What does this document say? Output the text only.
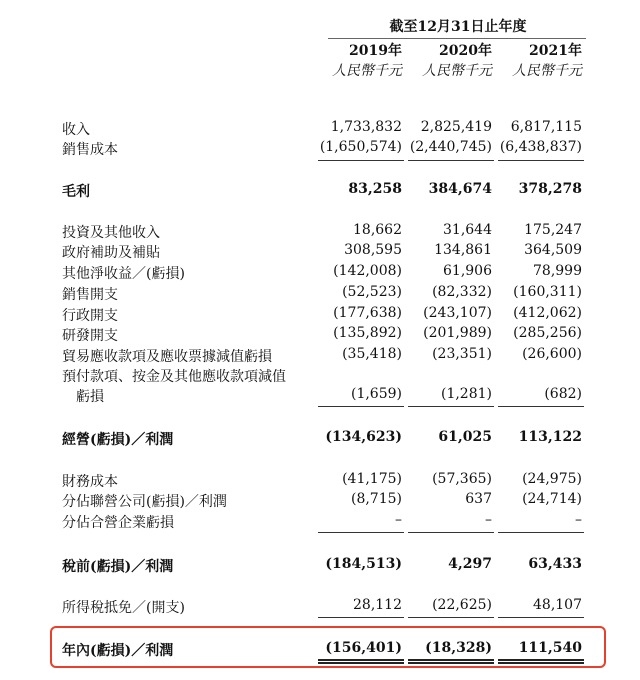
截至12月31日止年度
2019年	2020年	2021年
人民幣千元	人民幣千元	人民幣千元
收入	1,733,832	2,825,419	6,817,115
銷售成本	(1,650,574) (2,440,745) (6,438,837)
毛利	83,258	384,674	378,278
投資及其他收入	18,662	31,644	175,247
政府補助及補貼	308,595	134,861	364,509
其他淨收益／(虧損)	(142,008)	61,906	78,999
銷售開支	(52,523)	(82,332)	(160,311)
行政開支	(177,638)	(243,107)	(412,062)
研發開支	(135,892)	(201,989)	(285,256)
貿易應收款項及應收票據減值虧損	(35,418)	(23,351)	(26,600)
預付款項、按金及其他應收款項減值
虧損	(1,659)	(1,281)	(682)
經營(虧損)／利潤	(134,623)	61,025	113,122
財務成本	(41,175)	(57,365)	(24,975)
分佔聯營公司(虧損)／利潤	(8,715)	637	(24,714)
分佔合營企業虧損	–	–	–
稅前(虧損)／利潤	(184,513)	4,297	63,433
所得稅抵免／(開支)	28,112	(22,625)	48,107
年內(虧損)／利潤	(156,401)	(18,328)	111,540
